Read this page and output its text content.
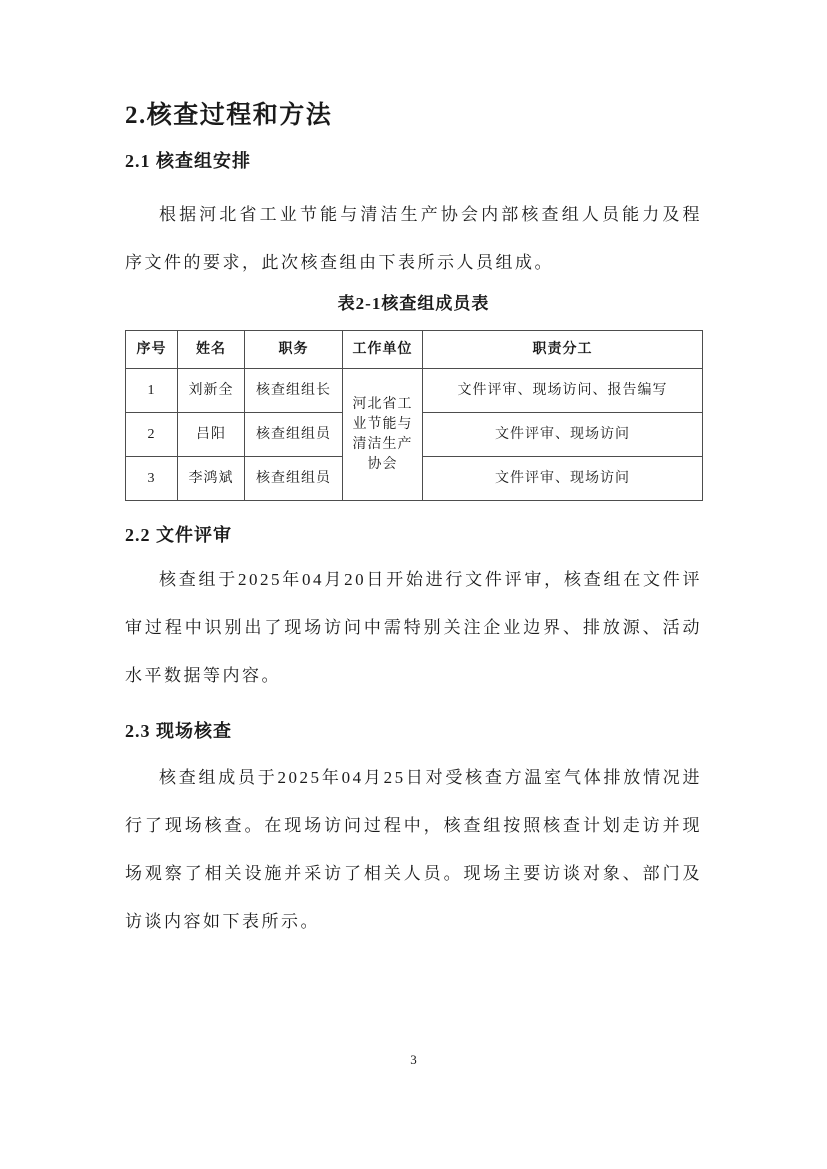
2.核查过程和方法
2.1 核查组安排
根据河北省工业节能与清洁生产协会内部核查组人员能力及程序文件的要求，此次核查组由下表所示人员组成。
表2-1核查组成员表
序号	姓名	职务	工作单位	职责分工
1	刘新全	核查组组长	河北省工业节能与清洁生产协会	文件评审、现场访问、报告编写
2	吕阳	核查组组员		文件评审、现场访问
3	李鸿斌	核查组组员		文件评审、现场访问
2.2 文件评审
核查组于2025年04月20日开始进行文件评审，核查组在文件评审过程中识别出了现场访问中需特别关注企业边界、排放源、活动水平数据等内容。
2.3 现场核查
核查组成员于2025年04月25日对受核查方温室气体排放情况进行了现场核查。在现场访问过程中，核查组按照核查计划走访并现场观察了相关设施并采访了相关人员。现场主要访谈对象、部门及访谈内容如下表所示。
3
